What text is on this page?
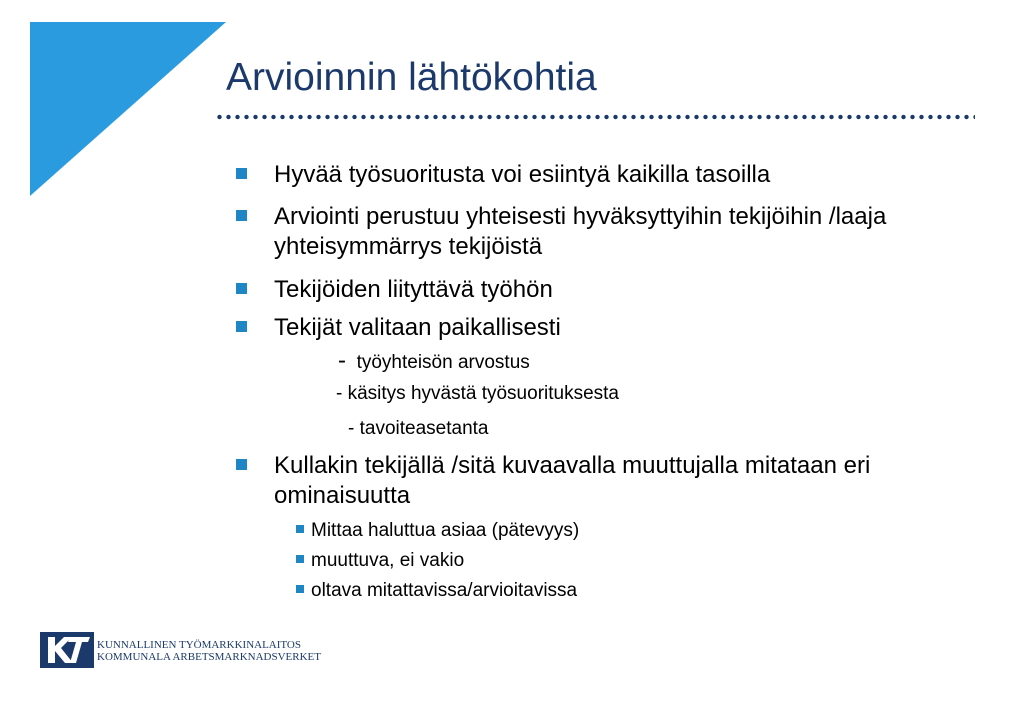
Arvioinnin lähtökohtia
Hyvää työsuoritusta voi esiintyä kaikilla tasoilla
Arviointi perustuu yhteisesti hyväksyttyihin tekijöihin /laaja yhteisymmärrys tekijöistä
Tekijöiden liityttävä työhön
Tekijät valitaan paikallisesti
- työyhteisön arvostus
- käsitys hyvästä työsuorituksesta
- tavoiteasetanta
Kullakin tekijällä /sitä kuvaavalla muuttujalla mitataan eri ominaisuutta
Mittaa haluttua asiaa (pätevyys)
muuttuva, ei vakio
oltava mitattavissa/arvioitavissa
KUNNALLINEN TYÖMARKKINALAITOS
KOMMUNALA ARBETSMARKNADSVERKET
